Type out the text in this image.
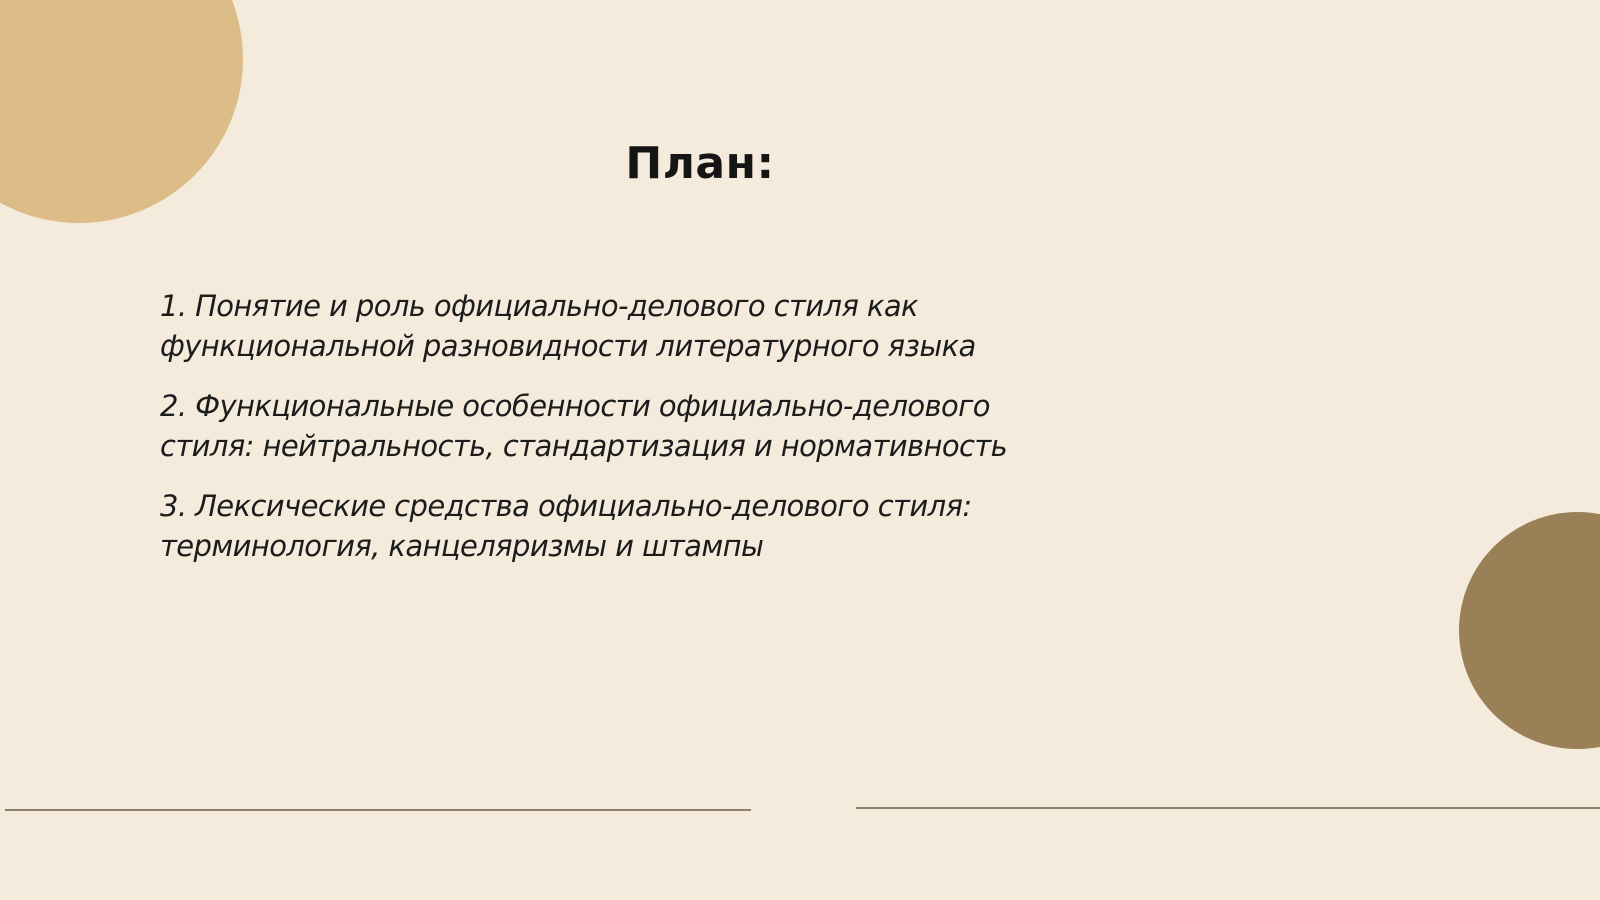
План:
1. Понятие и роль официально-делового стиля как
функциональной разновидности литературного языка
2. Функциональные особенности официально-делового
стиля: нейтральность, стандартизация и нормативность
3. Лексические средства официально-делового стиля:
терминология, канцеляризмы и штампы
